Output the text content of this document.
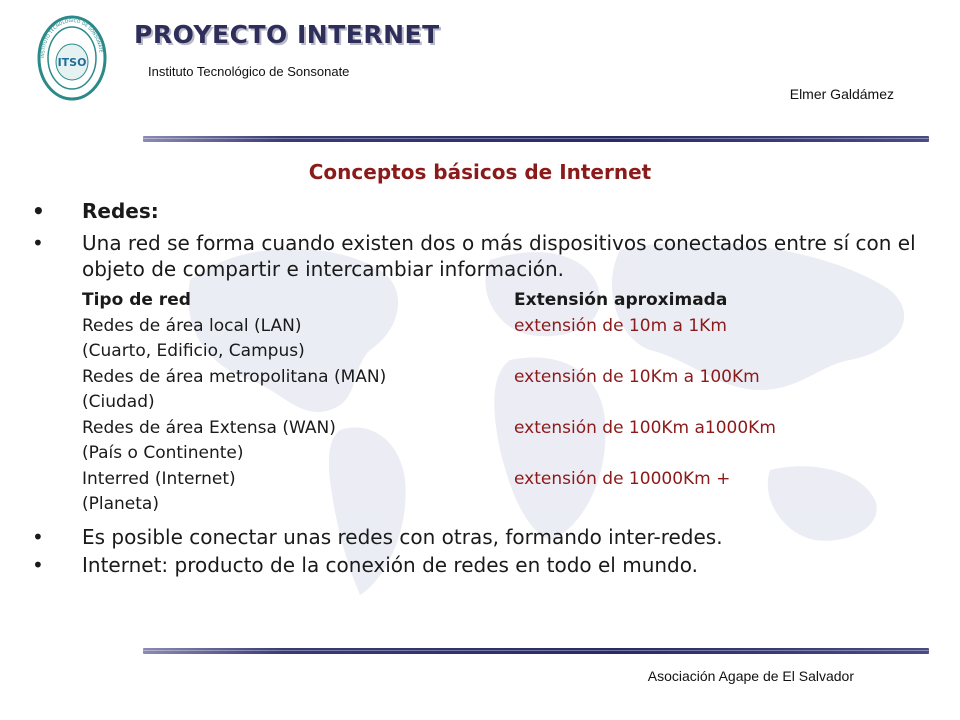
INSTITUTO TECNOLÓGICO DE SONSONATE
ITSO
PROYECTO INTERNET
Instituto Tecnológico de Sonsonate
Elmer Galdámez
Conceptos básicos de Internet
•	Redes:
•	Una red se forma cuando existen dos o más dispositivos conectados entre sí con el objeto de compartir e intercambiar información.
Tipo de red	Extensión aproximada
Redes de área local (LAN)	extensión de 10m a 1Km
(Cuarto, Edificio, Campus)
Redes de área metropolitana (MAN)	extensión de 10Km a 100Km
(Ciudad)
Redes de área Extensa (WAN)	extensión de 100Km a1000Km
(País o Continente)
Interred (Internet)	extensión de 10000Km +
(Planeta)
•	Es posible conectar unas redes con otras, formando inter-redes.
•	Internet: producto de la conexión de redes en todo el mundo.
Asociación Agape de El Salvador
